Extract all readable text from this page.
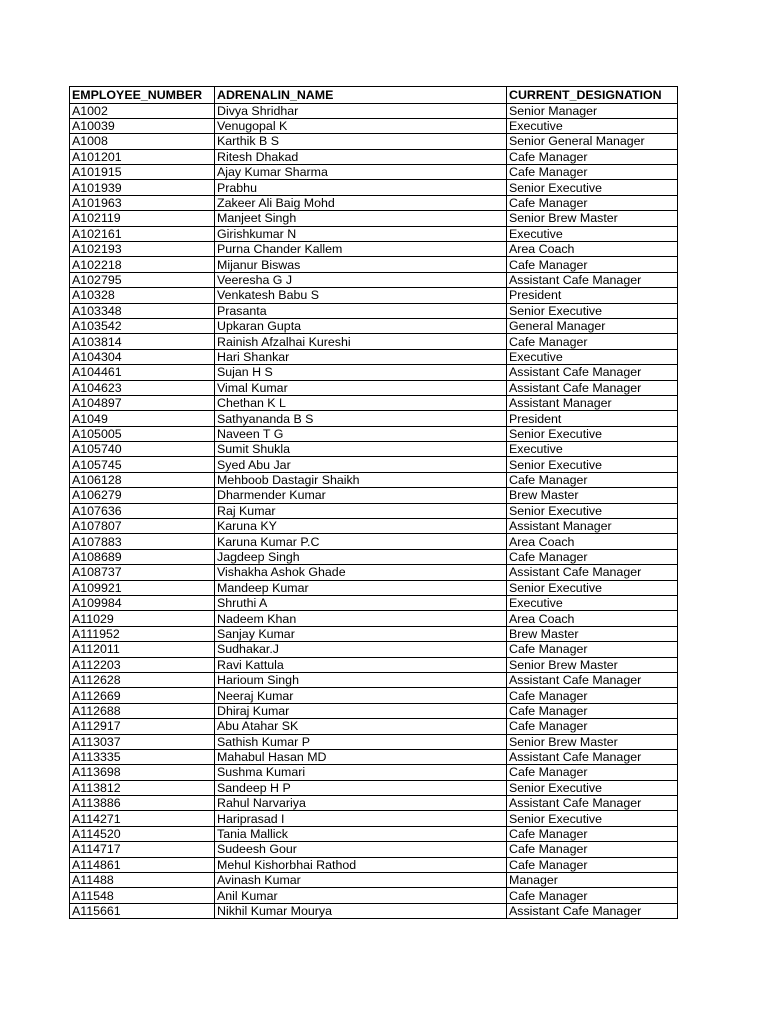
EMPLOYEE_NUMBER	ADRENALIN_NAME	CURRENT_DESIGNATION
A1002	Divya Shridhar	Senior Manager
A10039	Venugopal K	Executive
A1008	Karthik B S	Senior General Manager
A101201	Ritesh Dhakad	Cafe Manager
A101915	Ajay Kumar Sharma	Cafe Manager
A101939	Prabhu	Senior Executive
A101963	Zakeer Ali Baig Mohd	Cafe Manager
A102119	Manjeet Singh	Senior Brew Master
A102161	Girishkumar N	Executive
A102193	Purna Chander Kallem	Area Coach
A102218	Mijanur Biswas	Cafe Manager
A102795	Veeresha G J	Assistant Cafe Manager
A10328	Venkatesh Babu S	President
A103348	Prasanta	Senior Executive
A103542	Upkaran Gupta	General Manager
A103814	Rainish Afzalhai Kureshi	Cafe Manager
A104304	Hari Shankar	Executive
A104461	Sujan H S	Assistant Cafe Manager
A104623	Vimal Kumar	Assistant Cafe Manager
A104897	Chethan K L	Assistant Manager
A1049	Sathyananda B S	President
A105005	Naveen T G	Senior Executive
A105740	Sumit Shukla	Executive
A105745	Syed Abu Jar	Senior Executive
A106128	Mehboob Dastagir Shaikh	Cafe Manager
A106279	Dharmender Kumar	Brew Master
A107636	Raj Kumar	Senior Executive
A107807	Karuna KY	Assistant Manager
A107883	Karuna Kumar P.C	Area Coach
A108689	Jagdeep Singh	Cafe Manager
A108737	Vishakha Ashok Ghade	Assistant Cafe Manager
A109921	Mandeep Kumar	Senior Executive
A109984	Shruthi A	Executive
A11029	Nadeem Khan	Area Coach
A111952	Sanjay Kumar	Brew Master
A112011	Sudhakar.J	Cafe Manager
A112203	Ravi Kattula	Senior Brew Master
A112628	Harioum Singh	Assistant Cafe Manager
A112669	Neeraj Kumar	Cafe Manager
A112688	Dhiraj Kumar	Cafe Manager
A112917	Abu Atahar SK	Cafe Manager
A113037	Sathish Kumar P	Senior Brew Master
A113335	Mahabul Hasan MD	Assistant Cafe Manager
A113698	Sushma Kumari	Cafe Manager
A113812	Sandeep H P	Senior Executive
A113886	Rahul Narvariya	Assistant Cafe Manager
A114271	Hariprasad I	Senior Executive
A114520	Tania Mallick	Cafe Manager
A114717	Sudeesh Gour	Cafe Manager
A114861	Mehul Kishorbhai Rathod	Cafe Manager
A11488	Avinash Kumar	Manager
A11548	Anil Kumar	Cafe Manager
A115661	Nikhil Kumar Mourya	Assistant Cafe Manager
